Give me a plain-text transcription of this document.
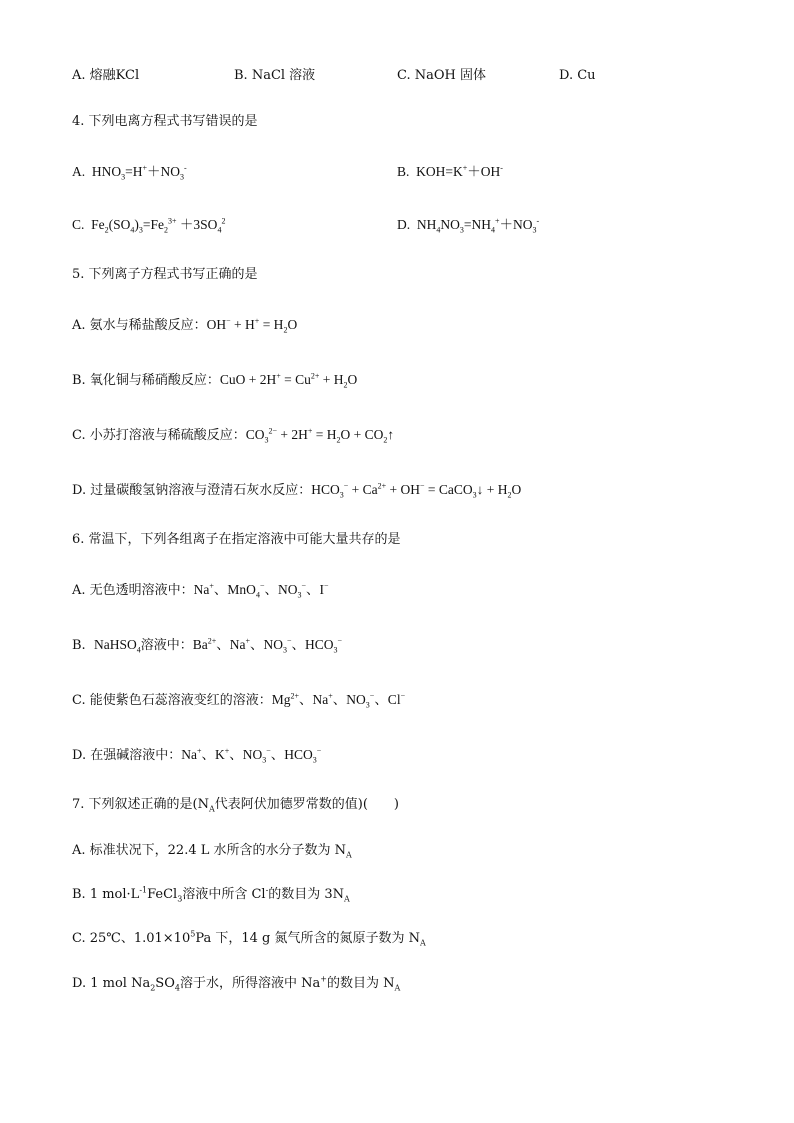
A. 熔融KCl	B. NaCl 溶液	C. NaOH 固体	D. Cu
4. 下列电离方程式书写错误的是
A.  $HNO_3=H^++NO_3^-$	B.  KOH=K+＋OH-
C.  $Fe_2(SO_4)_3=Fe_2^{3+} +3SO_4^2$	D.  $NH_4NO_3=NH_4^++NO_3^-$
5. 下列离子方程式书写正确的是
A. 氨水与稀盐酸反应：$OH^- + H^+ = H_2O$
B. 氧化铜与稀硝酸反应：CuO + $2H^+ = Cu^{2+} + H_2O$
C. 小苏打溶液与稀硫酸反应：$CO_3^{2-} + 2H^+ = H_2O$ + $CO_2↑$
D. 过量碳酸氢钠溶液与澄清石灰水反应：$HCO_3^- + Ca^{2+} + OH^-$ = CaCO$_3$↓ + $H_2O$
6. 常温下，下列各组离子在指定溶液中可能大量共存的是
A. 无色透明溶液中：Na+、MnO$_4$−、$NO_3^-$、I−
B. NaHSO$_4$溶液中：$Ba^{2+}$、Na+、$NO_3^-$、$HCO_3^-$
C. 能使紫色石蕊溶液变红的溶液：$Mg^{2+}$、Na+、$NO_3^-$、Cl−
D. 在强碱溶液中：Na+、K+、$NO_3^-$、$HCO_3^-$
7. 下列叙述正确的是($N_A$代表阿伏加德罗常数的值)(　　)
A. 标准状况下，22.4 L 水所含的水分子数为 $N_A$
B. 1 $mol\cdot L^{-1}FeCl_3$溶液中所含 Cl-的数目为 $3N_A$
C. 25℃、$1.01\times 10^5Pa$ 下，14 g 氮气所含的氮原子数为 $N_A$
D. 1 mol $Na_2SO_4$溶于水，所得溶液中 Na+的数目为 $N_A$
